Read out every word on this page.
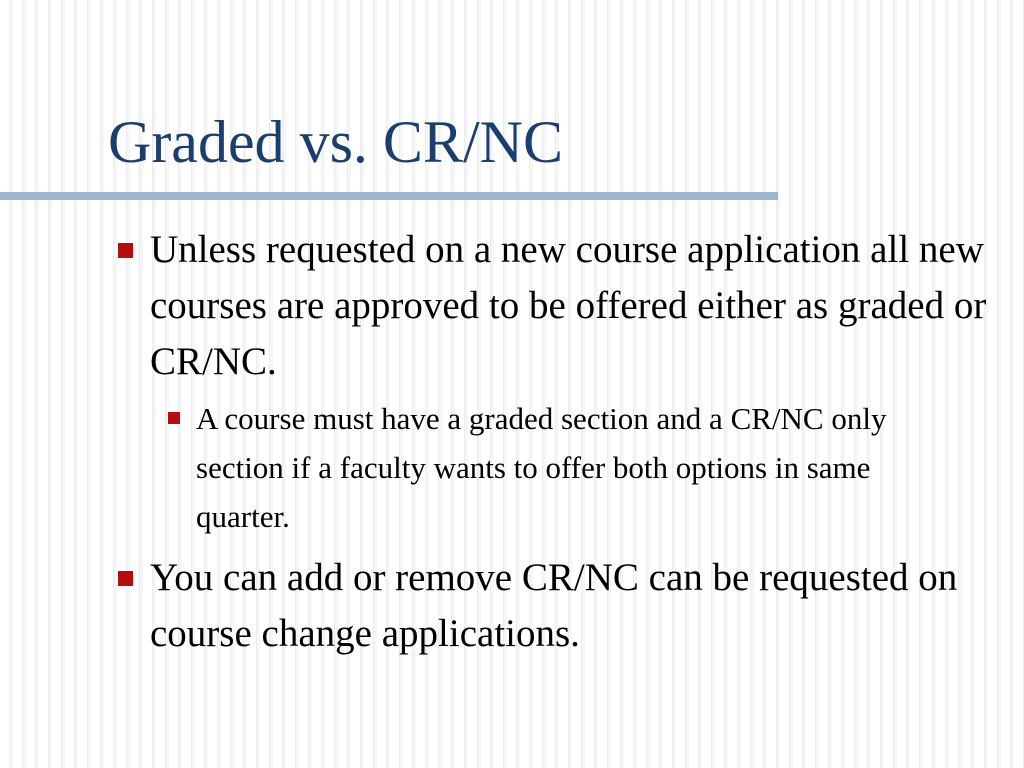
Graded vs. CR/NC
Unless requested on a new course application all new courses are approved to be offered either as graded or CR/NC.
A course must have a graded section and a CR/NC only section if a faculty wants to offer both options in same quarter.
You can add or remove CR/NC can be requested on course change applications.
